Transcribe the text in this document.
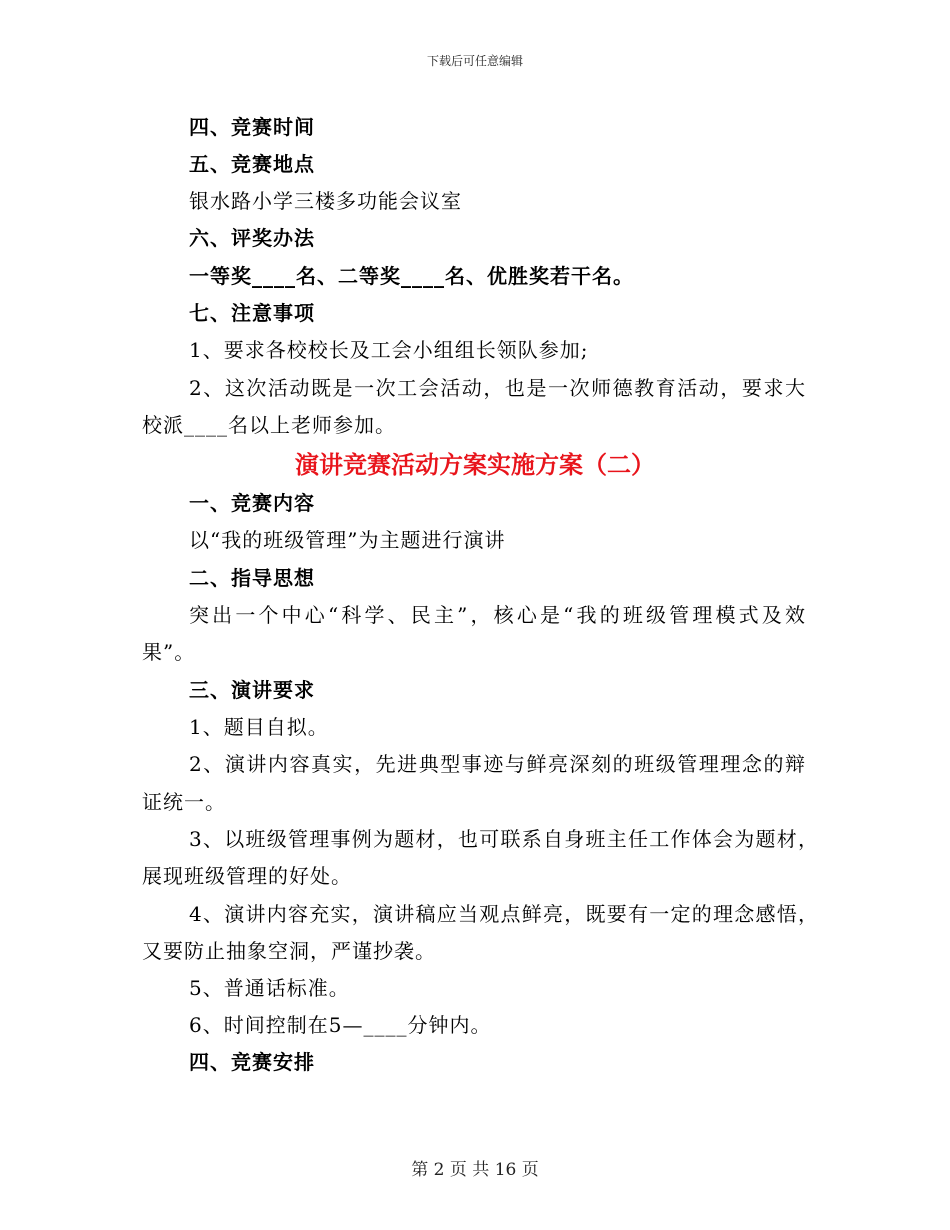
下载后可任意编辑
四、竞赛时间
五、竞赛地点
银水路小学三楼多功能会议室
六、评奖办法
一等奖____名、二等奖____名、优胜奖若干名。
七、注意事项
1、要求各校校长及工会小组组长领队参加;
2、这次活动既是一次工会活动，也是一次师德教育活动，要求大
校派____名以上老师参加。
演讲竞赛活动方案实施方案（二）
一、竞赛内容
以“我的班级管理”为主题进行演讲
二、指导思想
突出一个中心“科学、民主”，核心是“我的班级管理模式及效
果”。
三、演讲要求
1、题目自拟。
2、演讲内容真实，先进典型事迹与鲜亮深刻的班级管理理念的辩
证统一。
3、以班级管理事例为题材，也可联系自身班主任工作体会为题材，
展现班级管理的好处。
4、演讲内容充实，演讲稿应当观点鲜亮，既要有一定的理念感悟，
又要防止抽象空洞，严谨抄袭。
5、普通话标准。
6、时间控制在5—____分钟内。
四、竞赛安排
第 2 页 共 16 页
